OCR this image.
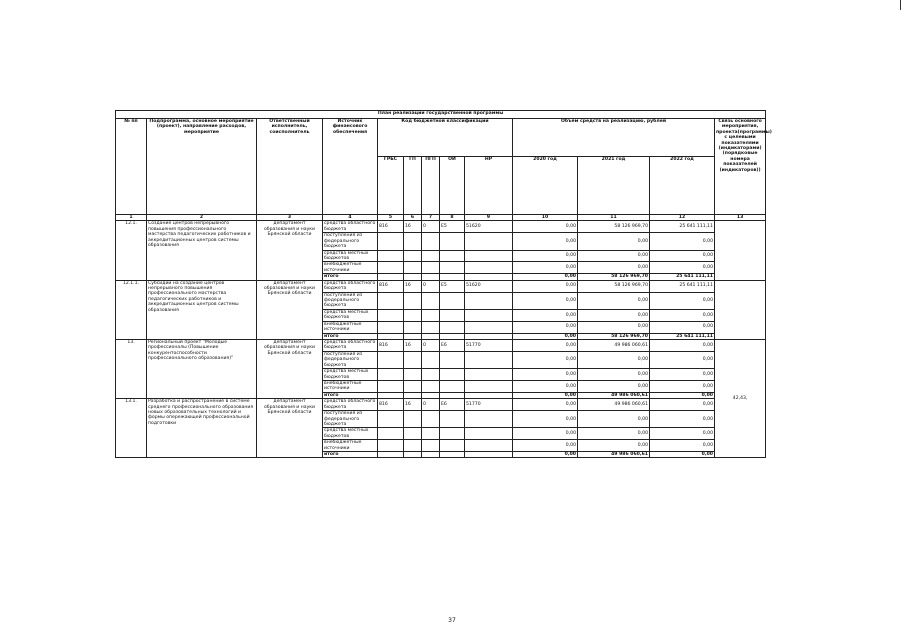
План реализации государственной программы												
№ пп	Подпрограмма, основное мероприятие (проект), направление расходов, мероприятие	Ответственный исполнитель, соисполнитель	Источник финансового обеспечения	Код бюджетной классификации					Объём средств на реализацию, рублей			Связь основного мероприятия, проекта(программы) с целевыми показателями (индикаторами) (порядковые номера показателей (индикаторов))
				ГРБС	ГП	ПГП	ОИ	НР	2020 год	2021 год	2022 год	
1	2	3	4	5	6	7	8	9	10	11	12	13
12.1.	Создание центров непрерывного повышения профессионального мастерства педагогических работников и аккредитационных центров системы образования	департамент образования и науки Брянской области	средства областного бюджета	816	16	0	Е5	51620	0,00	58 126 969,70	25 641 111,11	
			поступления из федерального бюджета						0,00	0,00	0,00	
			средства местных бюджетов						0,00	0,00	0,00	
			внебюджетные источники						0,00	0,00	0,00	
			итого						0,00	58 126 969,70	25 641 111,11	
12.1.1.	Субсидии на создание центров непрерывного повышения профессионального мастерства педагогических работников и аккредитационных центров системы образования	департамент образования и науки Брянской области	средства областного бюджета	816	16	0	Е5	51620	0,00	58 126 969,70	25 641 111,11	
			поступления из федерального бюджета						0,00	0,00	0,00	
			средства местных бюджетов						0,00	0,00	0,00	
			внебюджетные источники						0,00	0,00	0,00	
			итого						0,00	58 126 969,70	25 641 111,11	
13.	Региональный проект "Молодые профессионалы (Повышение конкурентоспособности профессионального образования)"	департамент образования и науки Брянской области	средства областного бюджета	816	16	0	Е6	51770	0,00	49 986 060,61	0,00	42,43,
			поступления из федерального бюджета						0,00	0,00	0,00	
			средства местных бюджетов						0,00	0,00	0,00	
			внебюджетные источники						0,00	0,00	0,00	
			итого						0,00	49 986 060,61	0,00	
13.1.	Разработка и распространение в системе среднего профессионального образования новых образовательных технологий и формы опережающей профессиональной подготовки	департамент образования и науки Брянской области	средства областного бюджета	816	16	0	Е6	51770	0,00	49 986 060,61	0,00	
			поступления из федерального бюджета						0,00	0,00	0,00	
			средства местных бюджетов						0,00	0,00	0,00	
			внебюджетные источники						0,00	0,00	0,00	
			итого						0,00	49 986 060,61	0,00	
37
